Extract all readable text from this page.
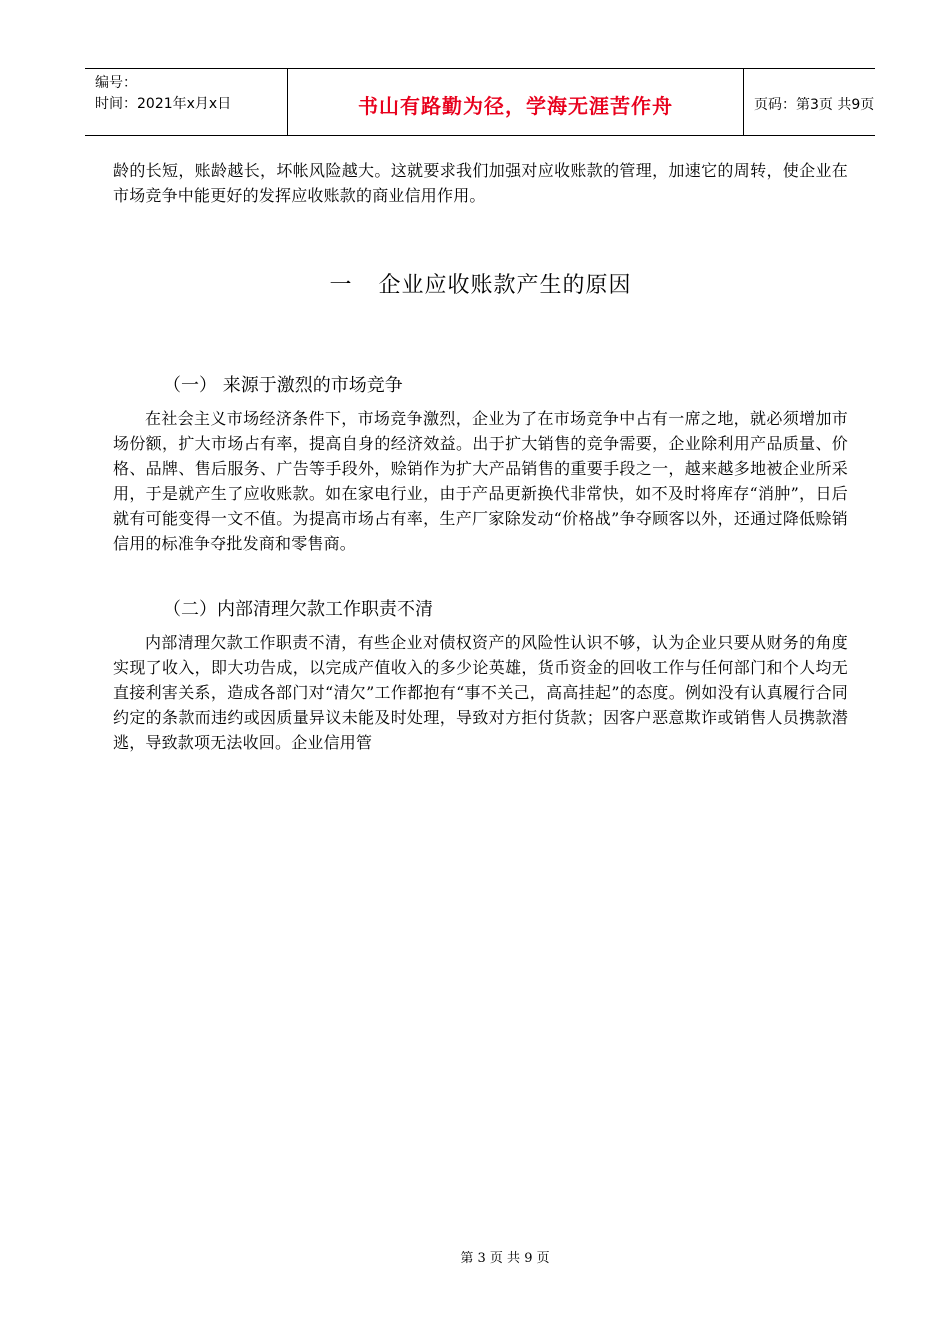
编号：
时间：2021年x月x日	书山有路勤为径，学海无涯苦作舟	页码：第3页 共9页

龄的长短，账龄越长，坏帐风险越大。这就要求我们加强对应收账款的管理，加速它的周转，使企业在市场竞争中能更好的发挥应收账款的商业信用作用。

一 企业应收账款产生的原因
（一） 来源于激烈的市场竞争

在社会主义市场经济条件下，市场竞争激烈，企业为了在市场竞争中占有一席之地，就必须增加市场份额，扩大市场占有率，提高自身的经济效益。出于扩大销售的竞争需要，企业除利用产品质量、价格、品牌、售后服务、广告等手段外，赊销作为扩大产品销售的重要手段之一，越来越多地被企业所采用，于是就产生了应收账款。如在家电行业，由于产品更新换代非常快，如不及时将库存“消肿”，日后就有可能变得一文不值。为提高市场占有率，生产厂家除发动“价格战”争夺顾客以外，还通过降低赊销信用的标准争夺批发商和零售商。

（二）内部清理欠款工作职责不清

内部清理欠款工作职责不清，有些企业对债权资产的风险性认识不够，认为企业只要从财务的角度实现了收入，即大功告成，以完成产值收入的多少论英雄，货币资金的回收工作与任何部门和个人均无直接利害关系，造成各部门对“清欠”工作都抱有“事不关己，高高挂起”的态度。例如没有认真履行合同约定的条款而违约或因质量异议未能及时处理，导致对方拒付货款；因客户恶意欺诈或销售人员携款潜逃，导致款项无法收回。企业信用管

第 3 页 共 9 页
